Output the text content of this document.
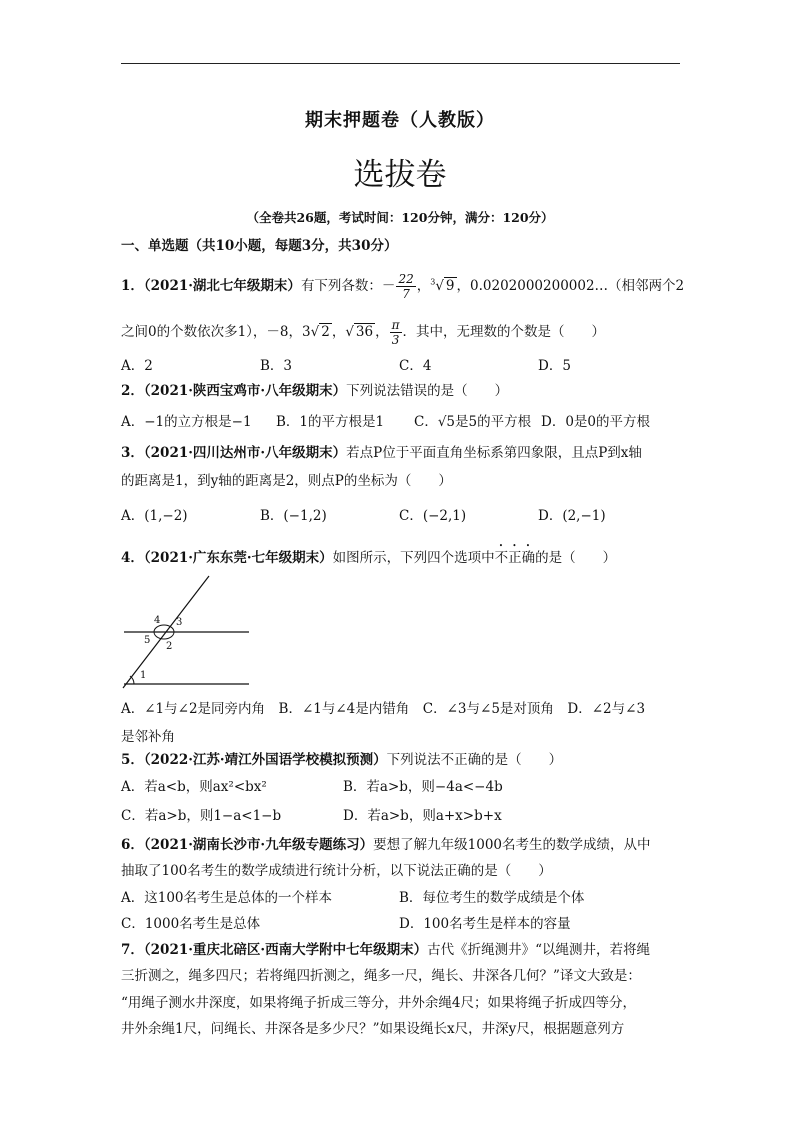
期末押题卷（人教版）
选拔卷
（全卷共26题，考试时间：120分钟，满分：120分）
一、单选题（共10小题，每题3分，共30分）
1．（2021·湖北七年级期末）有下列各数：－ $\frac{22}{7}$ ，$^3$√ 9 ，0.0202000200002…（相邻两个2
之间0的个数依次多1），－8，3√ 2 ，√ 36 ， $\frac{\pi}{3}$ ．其中，无理数的个数是（　　）
A．2	B．3	C．4	D．5
2．（2021·陕西宝鸡市·八年级期末）下列说法错误的是（　　）
A．−1的立方根是−1 B．1的平方根是1 C．√5是5的平方根 D．0是0的平方根
3．（2021·四川达州市·八年级期末）若点P位于平面直角坐标系第四象限，且点P到x轴
的距离是1，到y轴的距离是2，则点P的坐标为（　　）
A．(1,−2)	B．(−1,2)	C．(−2,1)	D．(2,−1)
4．（2021·广东东莞·七年级期末）如图所示，下列四个选项中不正确的是（　　）
4 3
5
2
1
A．∠1与∠2是同旁内角　B．∠1与∠4是内错角　C．∠3与∠5是对顶角　D．∠2与∠3
是邻补角
5．（2022·江苏·靖江外国语学校模拟预测）下列说法不正确的是（　　）
A．若a<b，则ax²<bx²	B．若a>b，则−4a<−4b
C．若a>b，则1−a<1−b	D．若a>b，则a+x>b+x
6．（2021·湖南长沙市·九年级专题练习）要想了解九年级1000名考生的数学成绩，从中
抽取了100名考生的数学成绩进行统计分析，以下说法正确的是（　　）
A．这100名考生是总体的一个样本	B．每位考生的数学成绩是个体
C．1000名考生是总体	D．100名考生是样本的容量
7．（2021·重庆北碚区·西南大学附中七年级期末）古代《折绳测井》“以绳测井，若将绳
三折测之，绳多四尺；若将绳四折测之，绳多一尺，绳长、井深各几何？”译文大致是：
“用绳子测水井深度，如果将绳子折成三等分，井外余绳4尺；如果将绳子折成四等分，
井外余绳1尺，问绳长、井深各是多少尺？”如果设绳长x尺，井深y尺，根据题意列方
